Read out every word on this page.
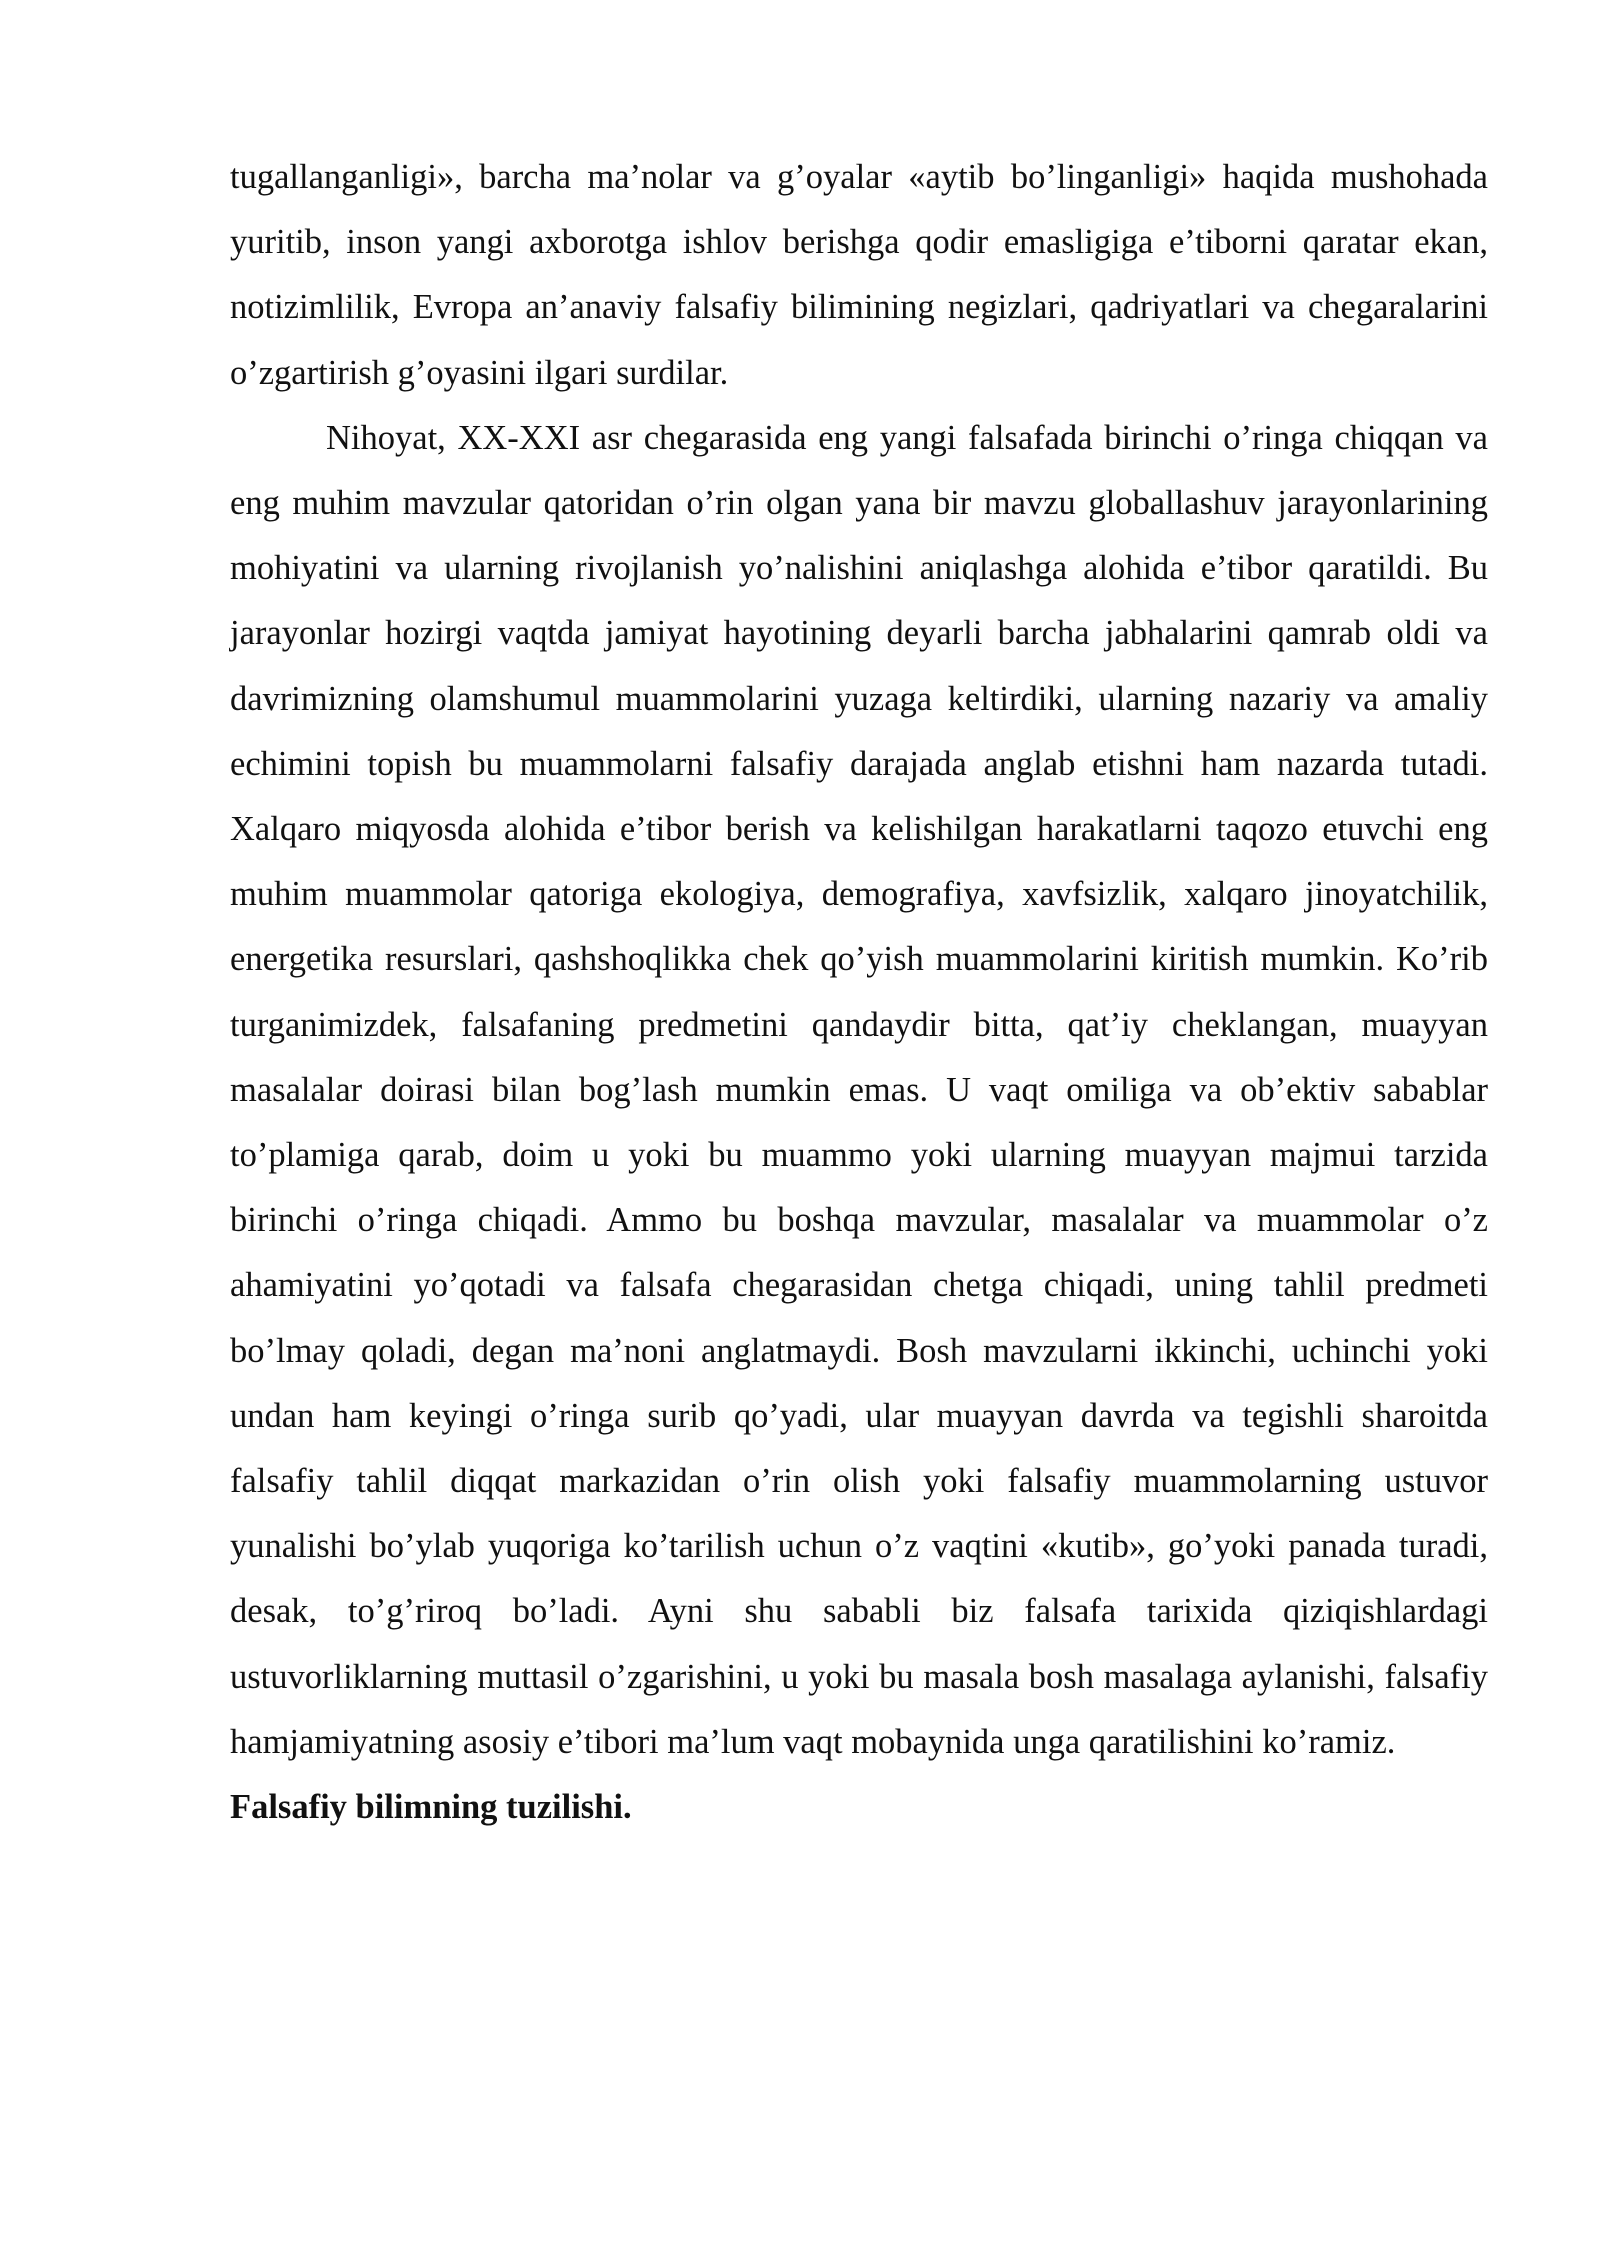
tugallanganligi», barcha ma’nolar va g’oyalar «aytib bo’linganligi» haqida mushohada yuritib, inson yangi axborotga ishlov berishga qodir emasligiga e’tiborni qaratar ekan, notizimlilik, Evropa an’anaviy falsafiy bilimining negizlari, qadriyatlari va chegaralarini o’zgartirish g’oyasini ilgari surdilar.

Nihoyat, XX-XXI asr chegarasida eng yangi falsafada birinchi o’ringa chiqqan va eng muhim mavzular qatoridan o’rin olgan yana bir mavzu globallashuv jarayonlarining mohiyatini va ularning rivojlanish yo’nalishini aniqlashga alohida e’tibor qaratildi. Bu jarayonlar hozirgi vaqtda jamiyat hayotining deyarli barcha jabhalarini qamrab oldi va davrimizning olamshumul muammolarini yuzaga keltirdiki, ularning nazariy va amaliy echimini topish bu muammolarni falsafiy darajada anglab etishni ham nazarda tutadi. Xalqaro miqyosda alohida e’tibor berish va kelishilgan harakatlarni taqozo etuvchi eng muhim muammolar qatoriga ekologiya, demografiya, xavfsizlik, xalqaro jinoyatchilik, energetika resurslari, qashshoqlikka chek qo’yish muammolarini kiritish mumkin. Ko’rib turganimizdek, falsafaning predmetini qandaydir bitta, qat’iy cheklangan, muayyan masalalar doirasi bilan bog’lash mumkin emas. U vaqt omiliga va ob’ektiv sabablar to’plamiga qarab, doim u yoki bu muammo yoki ularning muayyan majmui tarzida birinchi o’ringa chiqadi. Ammo bu boshqa mavzular, masalalar va muammolar o’z ahamiyatini yo’qotadi va falsafa chegarasidan chetga chiqadi, uning tahlil predmeti bo’lmay qoladi, degan ma’noni anglatmaydi. Bosh mavzularni ikkinchi, uchinchi yoki undan ham keyingi o’ringa surib qo’yadi, ular muayyan davrda va tegishli sharoitda falsafiy tahlil diqqat markazidan o’rin olish yoki falsafiy muammolarning ustuvor yunalishi bo’ylab yuqoriga ko’tarilish uchun o’z vaqtini «kutib», go’yoki panada turadi, desak, to’g’riroq bo’ladi. Ayni shu sababli biz falsafa tarixida qiziqishlardagi ustuvorliklarning muttasil o’zgarishini, u yoki bu masala bosh masalaga aylanishi, falsafiy hamjamiyatning asosiy e’tibori ma’lum vaqt mobaynida unga qaratilishini ko’ramiz.

Falsafiy bilimning tuzilishi.
